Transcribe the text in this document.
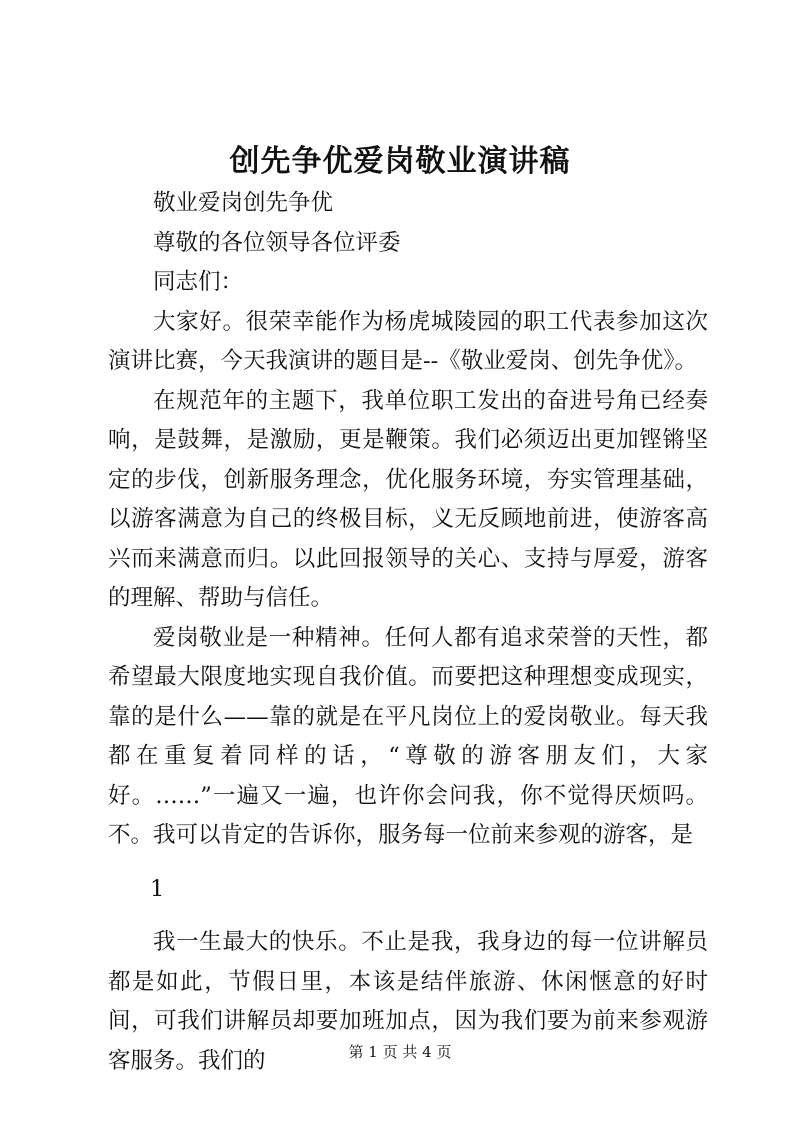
创先争优爱岗敬业演讲稿

敬业爱岗创先争优

尊敬的各位领导各位评委

同志们：

大家好。很荣幸能作为杨虎城陵园的职工代表参加这次演讲比赛，今天我演讲的题目是--《敬业爱岗、创先争优》。

在规范年的主题下，我单位职工发出的奋进号角已经奏响，是鼓舞，是激励，更是鞭策。我们必须迈出更加铿锵坚定的步伐，创新服务理念，优化服务环境，夯实管理基础，以游客满意为自己的终极目标，义无反顾地前进，使游客高兴而来满意而归。以此回报领导的关心、支持与厚爱，游客的理解、帮助与信任。

爱岗敬业是一种精神。任何人都有追求荣誉的天性，都希望最大限度地实现自我价值。而要把这种理想变成现实，靠的是什么——靠的就是在平凡岗位上的爱岗敬业。每天我都在重复着同样的话，“尊敬的游客朋友们，大家好。……”一遍又一遍，也许你会问我，你不觉得厌烦吗。不。我可以肯定的告诉你，服务每一位前来参观的游客，是

1

我一生最大的快乐。不止是我，我身边的每一位讲解员都是如此，节假日里，本该是结伴旅游、休闲惬意的好时间，可我们讲解员却要加班加点，因为我们要为前来参观游客服务。我们的	第 1 页 共 4 页
